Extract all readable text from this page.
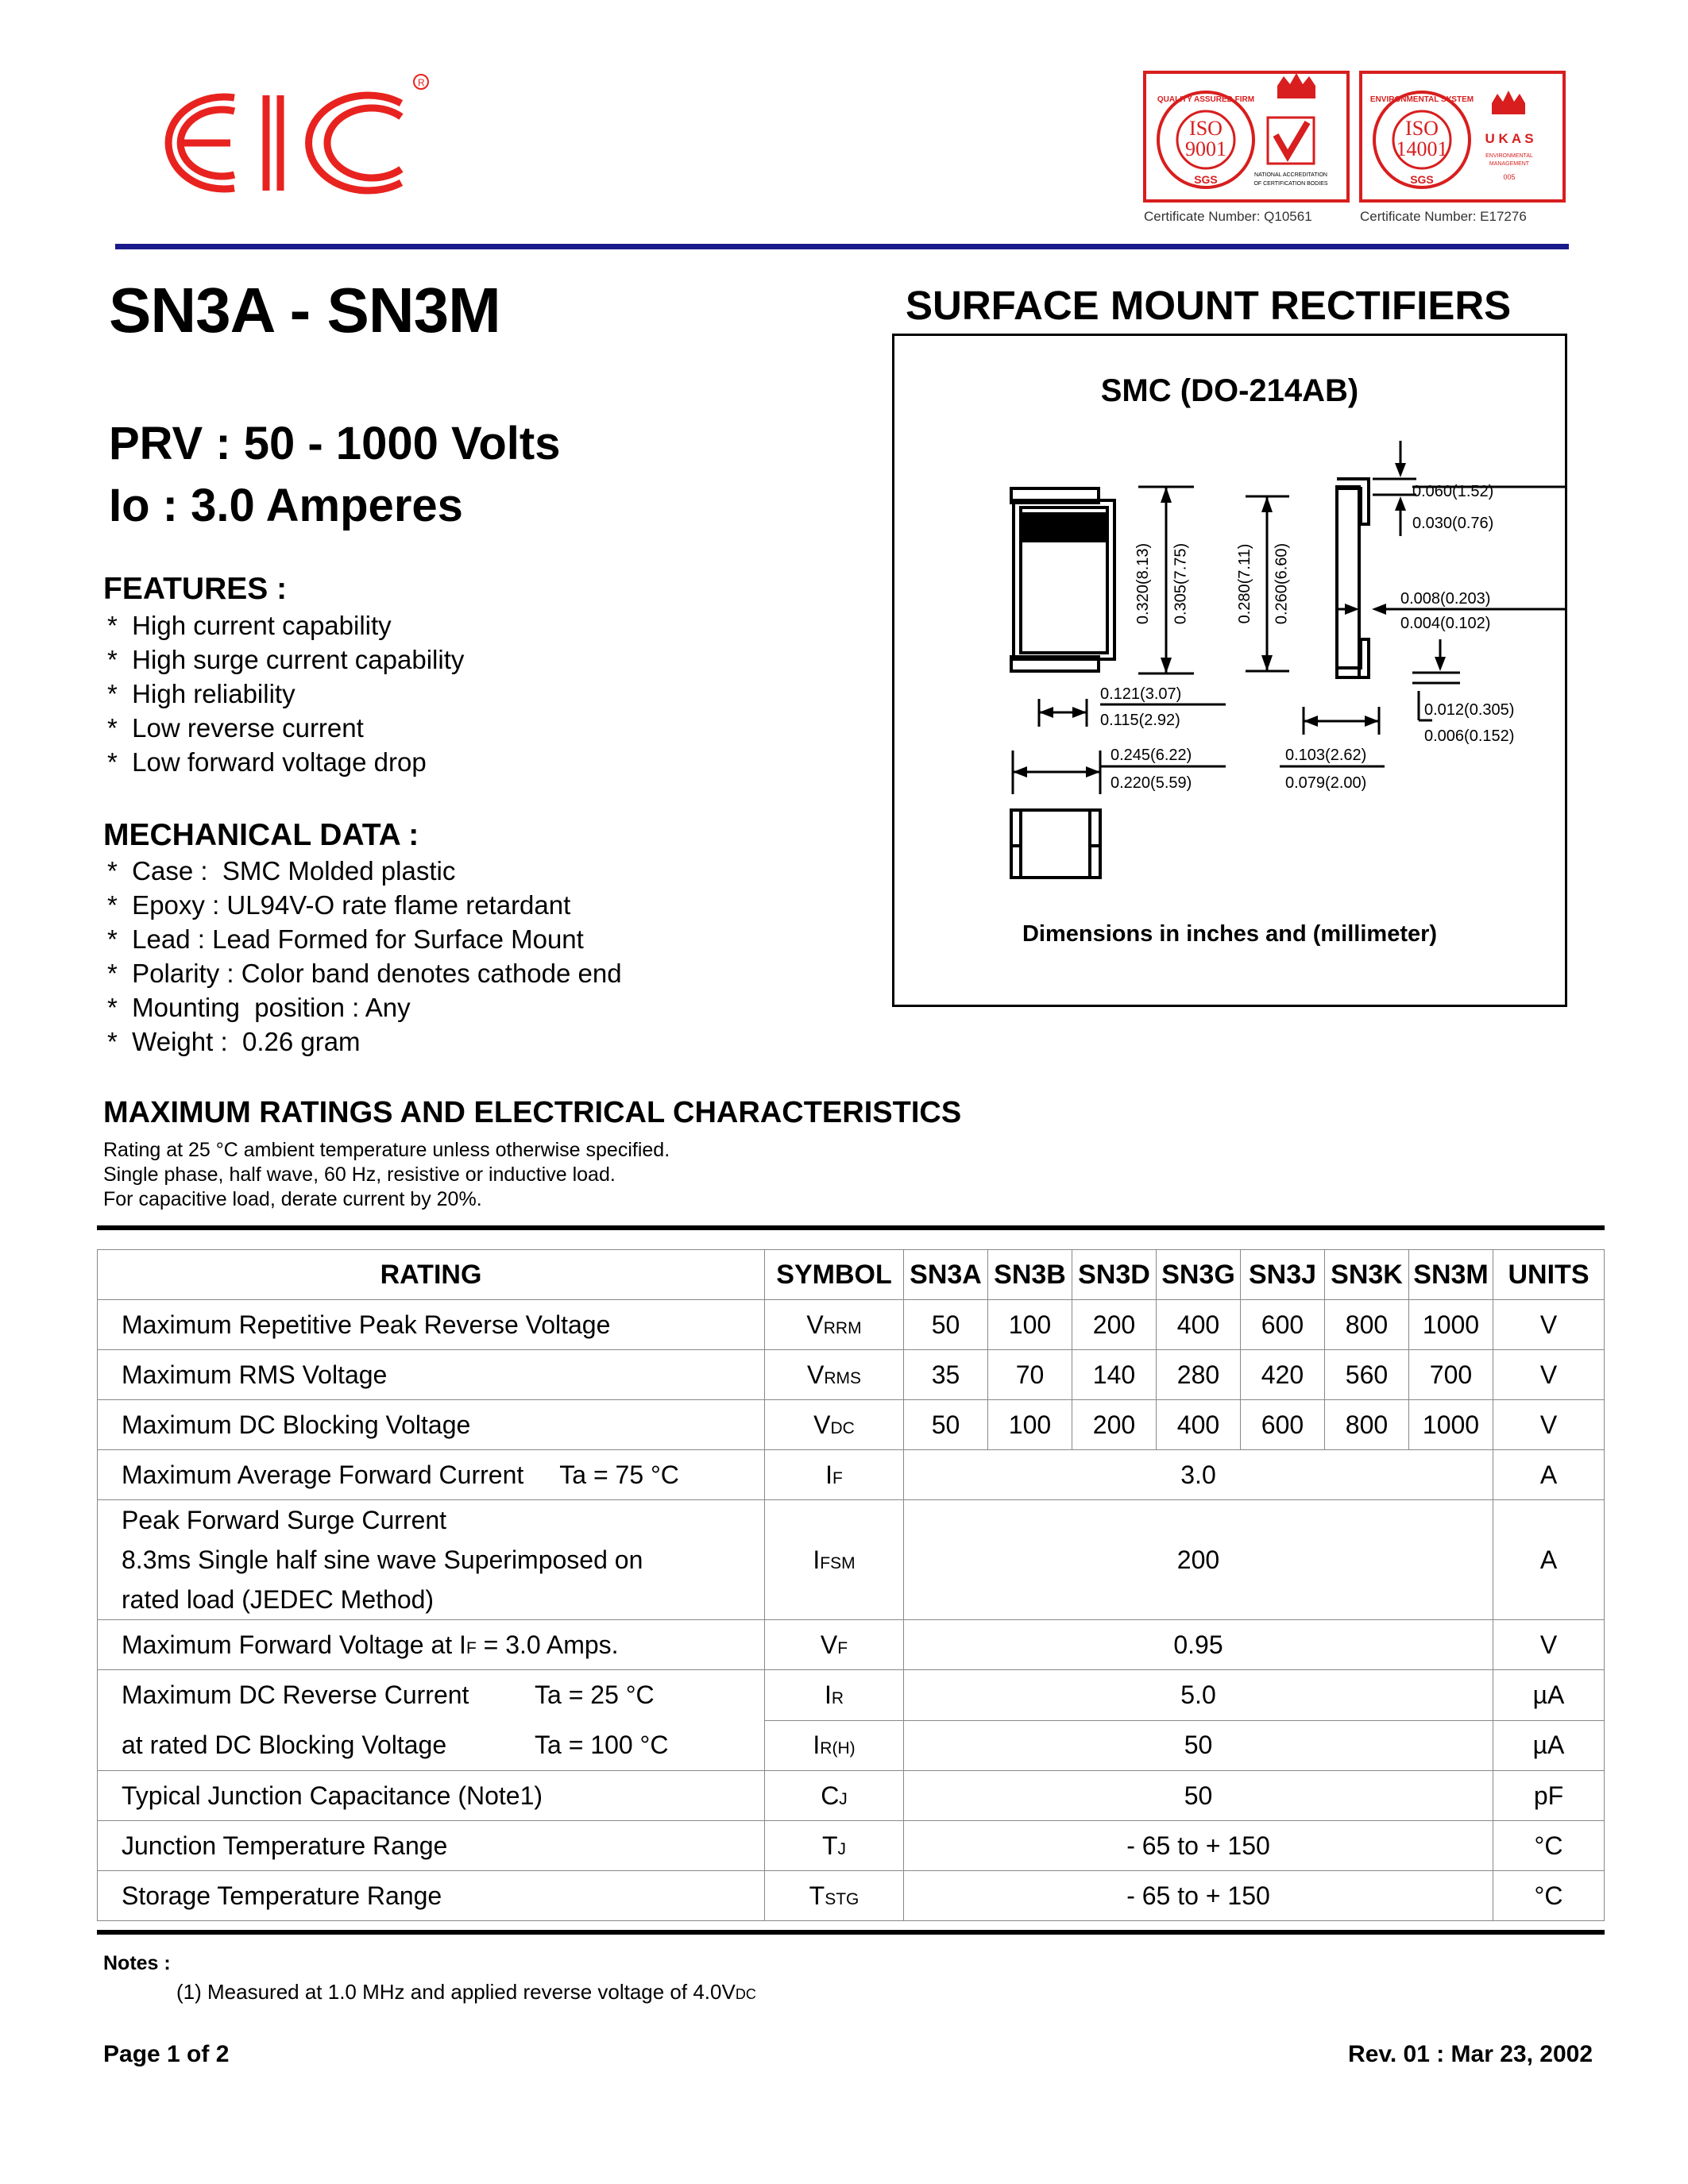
R
ISO
9001
SGS
QUALITY ASSURED FIRM
NATIONAL ACCREDITATION
OF CERTIFICATION BODIES
Certificate Number: Q10561
ISO
14001
SGS
ENVIRONMENTAL SYSTEM
U K A S
ENVIRONMENTAL
MANAGEMENT
005
Certificate Number: E17276
SN3A - SN3M	SURFACE MOUNT RECTIFIERS
PRV : 50 - 1000 Volts
Io : 3.0 Amperes
FEATURES :
*  High current capability
*  High surge current capability
*  High reliability
*  Low reverse current
*  Low forward voltage drop
MECHANICAL DATA :
*  Case :  SMC Molded plastic
*  Epoxy : UL94V-O rate flame retardant
*  Lead : Lead Formed for Surface Mount
*  Polarity : Color band denotes cathode end
*  Mounting  position : Any
*  Weight :  0.26 gram
SMC (DO-214AB)
0.320(8.13) 0.305(7.75)	0.280(7.11) 0.260(6.60)
0.060(1.52)
0.030(0.76)
0.008(0.203)
0.004(0.102)
0.012(0.305)
0.006(0.152)
0.121(3.07)
0.115(2.92)
0.245(6.22)
0.220(5.59)
0.103(2.62)
0.079(2.00)
Dimensions in inches and (millimeter)
MAXIMUM RATINGS AND ELECTRICAL CHARACTERISTICS
Rating at 25 °C ambient temperature unless otherwise specified.
Single phase, half wave, 60 Hz, resistive or inductive load.
For capacitive load, derate current by 20%.
RATING	SYMBOL	SN3A	SN3B	SN3D	SN3G	SN3J	SN3K	SN3M	UNITS
Maximum Repetitive Peak Reverse Voltage	VRRM	50	100	200	400	600	800	1000	V
Maximum RMS Voltage	VRMS	35	70	140	280	420	560	700	V
Maximum DC Blocking Voltage	VDC	50	100	200	400	600	800	1000	V
Maximum Average Forward Current Ta = 75 °C	IF	3.0							A

Peak Forward Surge Current
8.3ms Single half sine wave Superimposed on
rated load (JEDEC Method)	IFSM	200							A
Maximum Forward Voltage at IF = 3.0 Amps.	VF	0.95							V

Maximum DC Reverse Current Ta = 25 °C
at rated DC Blocking Voltage Ta = 100 °C	IR	5.0							µA
	IR(H)	50							µA
Typical Junction Capacitance (Note1)	CJ	50							pF
Junction Temperature Range	TJ	- 65 to + 150							°C
Storage Temperature Range	TSTG	- 65 to + 150							°C
Notes :
(1) Measured at 1.0 MHz and applied reverse voltage of 4.0VDC
Page 1 of 2	Rev. 01 : Mar 23, 2002
